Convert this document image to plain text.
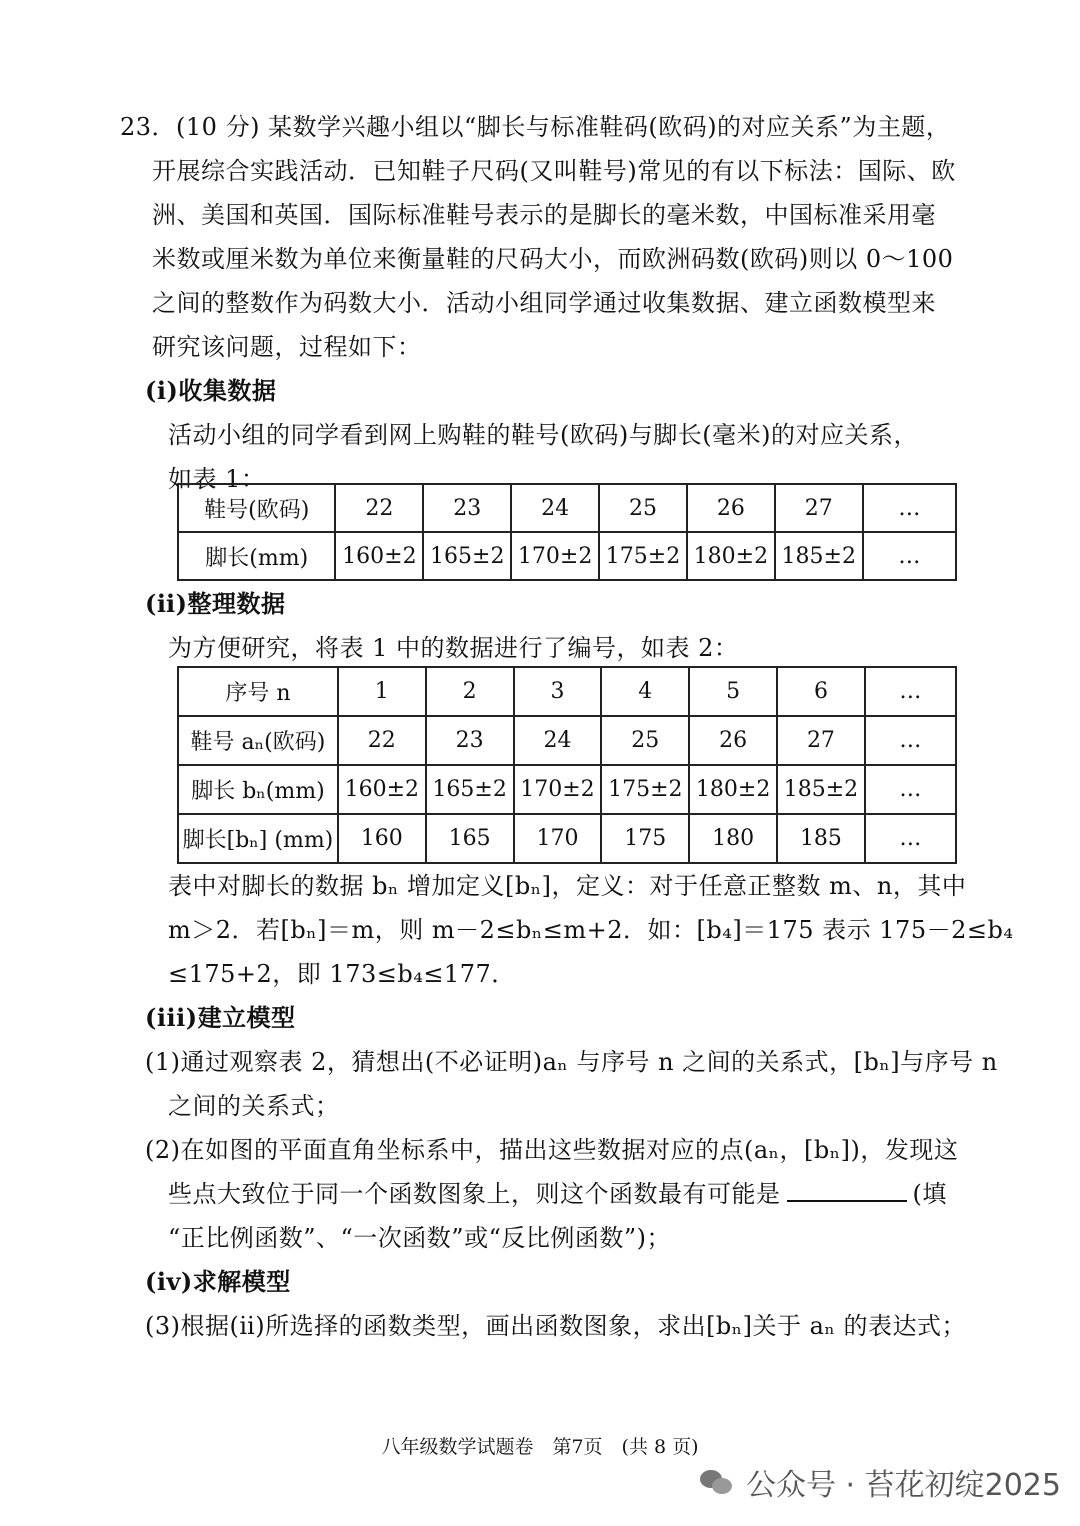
23．(10 分) 某数学兴趣小组以“脚长与标准鞋码(欧码)的对应关系”为主题，
开展综合实践活动．已知鞋子尺码(又叫鞋号)常见的有以下标法：国际、欧
洲、美国和英国．国际标准鞋号表示的是脚长的毫米数，中国标准采用毫
米数或厘米数为单位来衡量鞋的尺码大小，而欧洲码数(欧码)则以 0～100
之间的整数作为码数大小．活动小组同学通过收集数据、建立函数模型来
研究该问题，过程如下：
(ⅰ)收集数据
活动小组的同学看到网上购鞋的鞋号(欧码)与脚长(毫米)的对应关系，
如表 1：
鞋号(欧码)	22	23	24	25	26	27	…
脚长(mm)	160±2	165±2	170±2	175±2	180±2	185±2	…
(ⅱ)整理数据
为方便研究，将表 1 中的数据进行了编号，如表 2：
序号 n	1	2	3	4	5	6	…
鞋号 aₙ(欧码)	22	23	24	25	26	27	…
脚长 bₙ(mm)	160±2	165±2	170±2	175±2	180±2	185±2	…
脚长[bₙ] (mm)	160	165	170	175	180	185	…
表中对脚长的数据 bₙ 增加定义[bₙ]，定义：对于任意正整数 m、n，其中
m＞2．若[bₙ]＝m，则 m－2≤bₙ≤m+2．如：[b₄]＝175 表示 175－2≤b₄
≤175+2，即 173≤b₄≤177．
(iii)建立模型
(1)通过观察表 2，猜想出(不必证明)aₙ 与序号 n 之间的关系式，[bₙ]与序号 n
之间的关系式；
(2)在如图的平面直角坐标系中，描出这些数据对应的点(aₙ，[bₙ])，发现这
些点大致位于同一个函数图象上，则这个函数最有可能是	(填
“正比例函数”、“一次函数”或“反比例函数”)；
(iv)求解模型
(3)根据(ⅱ)所选择的函数类型，画出函数图象，求出[bₙ]关于 aₙ 的表达式；
八年级数学试题卷　第7页　(共 8 页)
公众号 · 苔花初绽2025
